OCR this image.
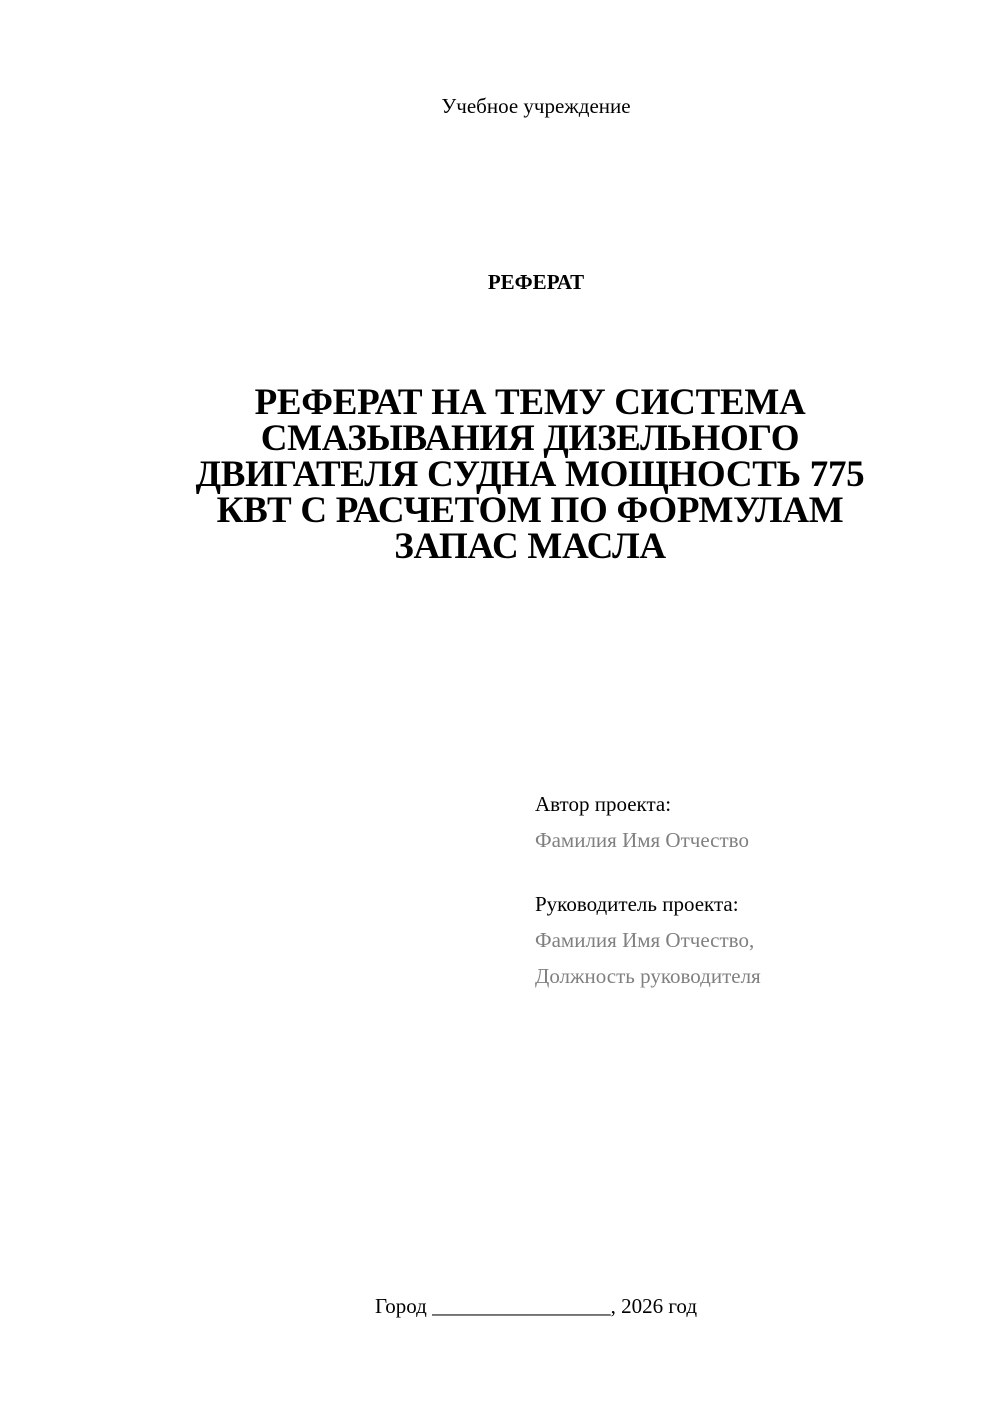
Учебное учреждение
РЕФЕРАТ
РЕФЕРАТ НА ТЕМУ СИСТЕМА
СМАЗЫВАНИЯ ДИЗЕЛЬНОГО
ДВИГАТЕЛЯ СУДНА МОЩНОСТЬ 775
КВТ С РАСЧЕТОМ ПО ФОРМУЛАМ
ЗАПАС МАСЛА
Автор проекта:
Фамилия Имя Отчество
Руководитель проекта:
Фамилия Имя Отчество,
Должность руководителя
Город _________________, 2026 год
